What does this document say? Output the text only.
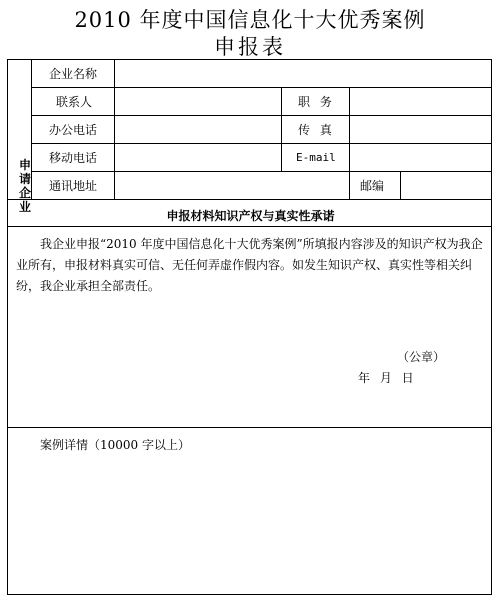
2010 年度中国信息化十大优秀案例
申报表
申
请
企
业
企业名称
联系人	职 务
办公电话	传 真
移动电话	E-mail
通讯地址	邮编
申报材料知识产权与真实性承诺
我企业申报“2010 年度中国信息化十大优秀案例”所填报内容涉及的知识产权为我企业所有，申报材料真实可信、无任何弄虚作假内容。如发生知识产权、真实性等相关纠纷，我企业承担全部责任。
（公章）
年 月 日
案例详情（10000 字以上）
